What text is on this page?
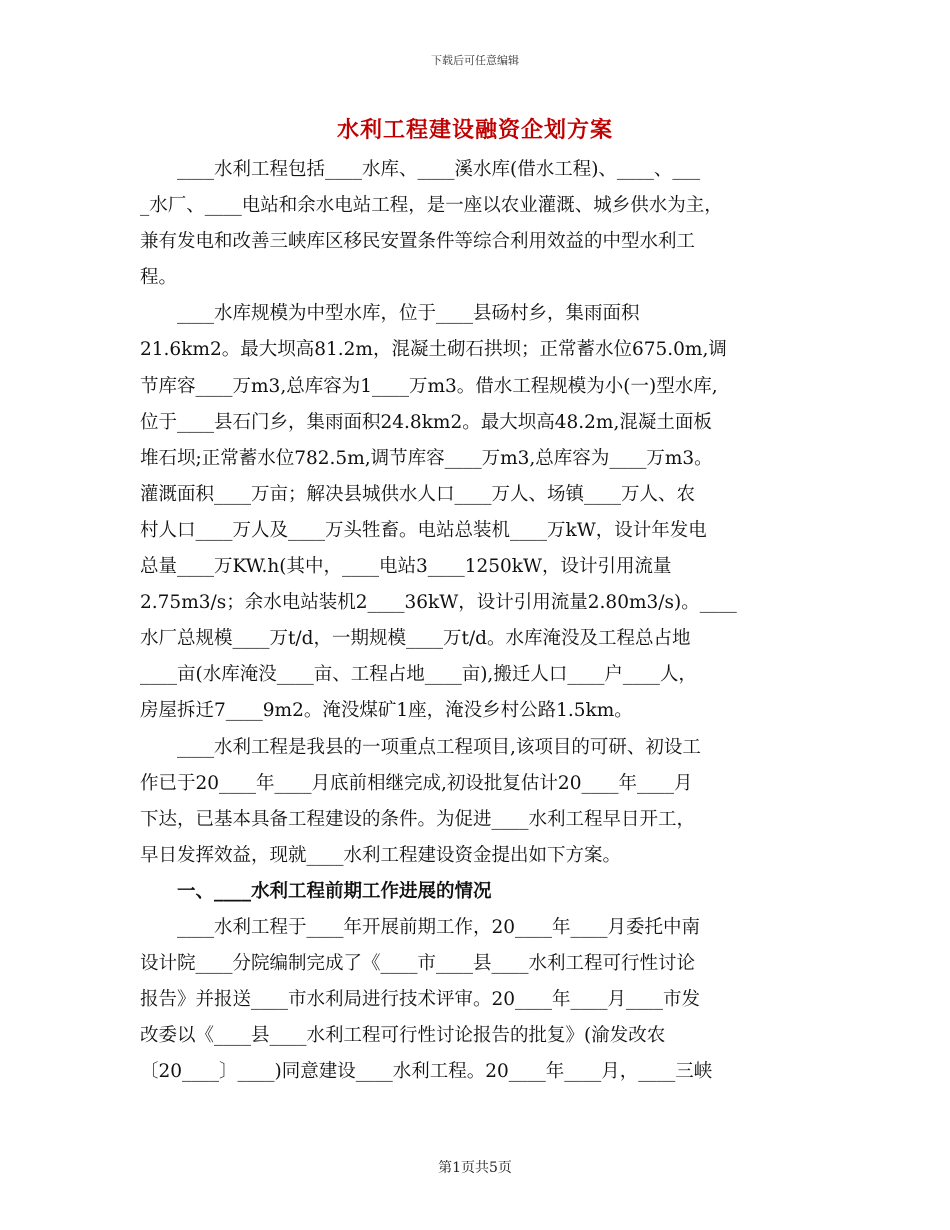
下载后可任意编辑
水利工程建设融资企划方案

____水利工程包括____水库、____溪水库(借水工程)、____、___

_水厂、____电站和余水电站工程，是一座以农业灌溉、城乡供水为主，

兼有发电和改善三峡库区移民安置条件等综合利用效益的中型水利工

程。

____水库规模为中型水库，位于____县砀村乡，集雨面积

21.6km2。最大坝高81.2m，混凝土砌石拱坝；正常蓄水位675.0m,调

节库容____万m3,总库容为1____万m3。借水工程规模为小(一)型水库,

位于____县石门乡，集雨面积24.8km2。最大坝高48.2m,混凝土面板

堆石坝;正常蓄水位782.5m,调节库容____万m3,总库容为____万m3。

灌溉面积____万亩；解决县城供水人口____万人、场镇____万人、农

村人口____万人及____万头牲畜。电站总装机____万kW，设计年发电

总量____万KW.h(其中，____电站3____1250kW，设计引用流量

2.75m3/s；余水电站装机2____36kW，设计引用流量2.80m3/s)。____

水厂总规模____万t/d，一期规模____万t/d。水库淹没及工程总占地

____亩(水库淹没____亩、工程占地____亩),搬迁人口____户____人，

房屋拆迁7____9m2。淹没煤矿1座，淹没乡村公路1.5km。

____水利工程是我县的一项重点工程项目,该项目的可研、初设工

作已于20____年____月底前相继完成,初设批复估计20____年____月

下达，已基本具备工程建设的条件。为促进____水利工程早日开工，

早日发挥效益，现就____水利工程建设资金提出如下方案。

一、____水利工程前期工作进展的情况

____水利工程于____年开展前期工作，20____年____月委托中南

设计院____分院编制完成了《____市____县____水利工程可行性讨论

报告》并报送____市水利局进行技术评审。20____年____月____市发

改委以《____县____水利工程可行性讨论报告的批复》(渝发改农

〔20____〕____)同意建设____水利工程。20____年____月，____三峡

第1页共5页
